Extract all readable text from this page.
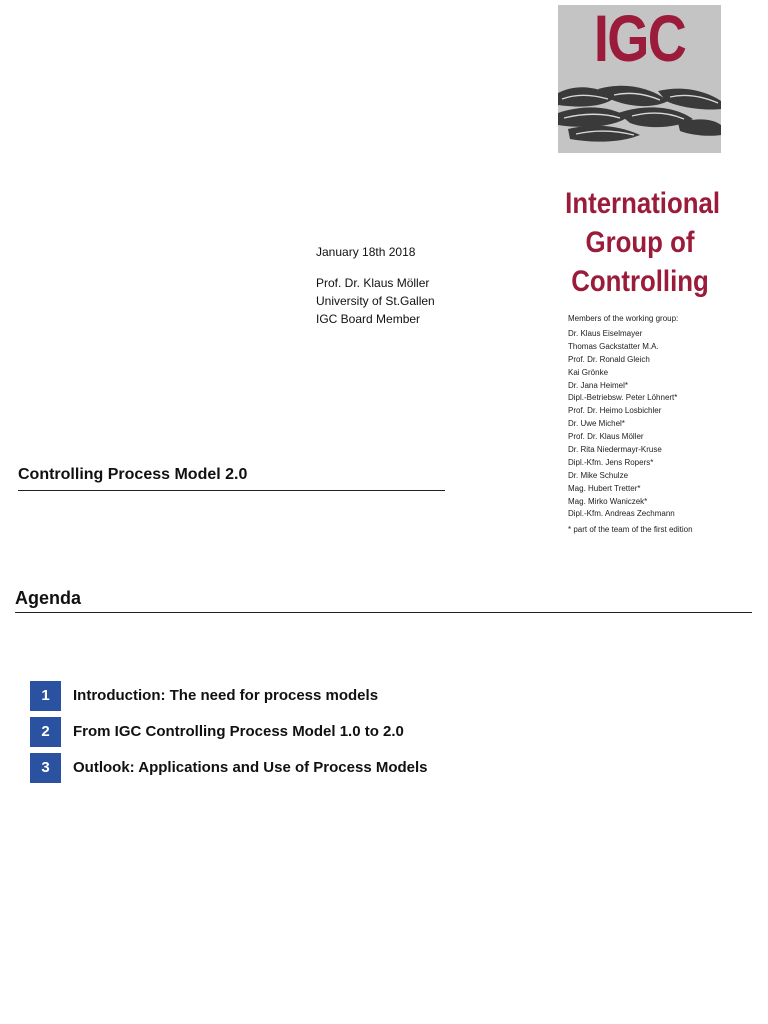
IGC
International
Group of
Controlling
Members of the working group:
Dr. Klaus Eiselmayer
Thomas Gackstatter M.A.
Prof. Dr. Ronald Gleich
Kai Grönke
Dr. Jana Heimel*
Dipl.-Betriebsw. Peter Löhnert*
Prof. Dr. Heimo Losbichler
Dr. Uwe Michel*
Prof. Dr. Klaus Möller
Dr. Rita Niedermayr-Kruse
Dipl.-Kfm. Jens Ropers*
Dr. Mike Schulze
Mag. Hubert Tretter*
Mag. Mirko Waniczek*
Dipl.-Kfm. Andreas Zechmann
* part of the team of the first edition
January 18th 2018
Prof. Dr. Klaus Möller
University of St.Gallen
IGC Board Member
Controlling Process Model 2.0
Agenda
1	Introduction: The need for process models
2	From IGC Controlling Process Model 1.0 to 2.0
3	Outlook: Applications and Use of Process Models
